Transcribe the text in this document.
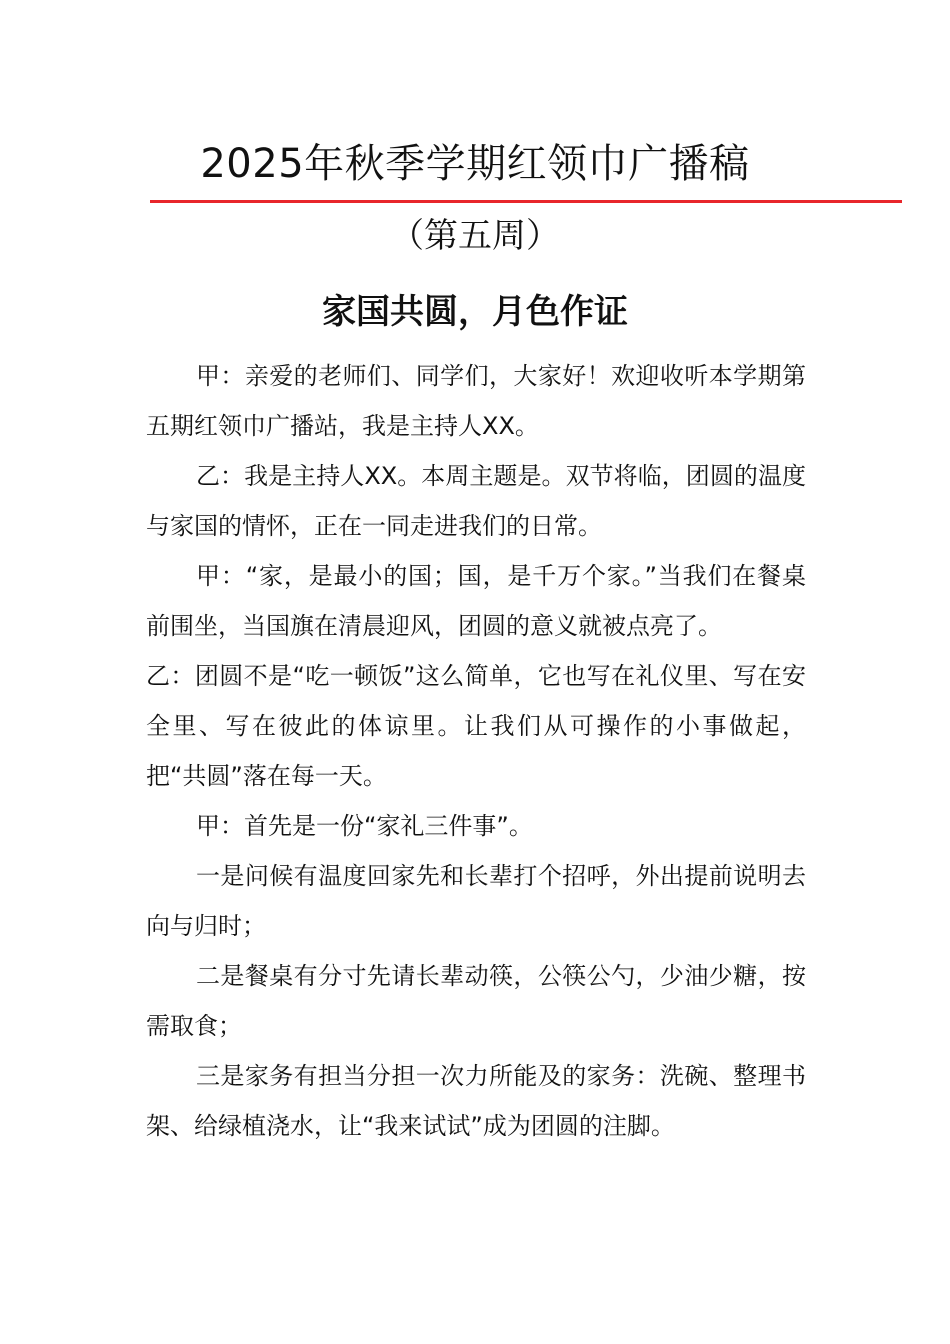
2025年秋季学期红领巾广播稿
（第五周）
家国共圆，月色作证

甲：亲爱的老师们、同学们，大家好！欢迎收听本学期第五期红领巾广播站，我是主持人XX。

乙：我是主持人XX。本周主题是。双节将临，团圆的温度与家国的情怀，正在一同走进我们的日常。

甲：“家，是最小的国；国，是千万个家。”当我们在餐桌前围坐，当国旗在清晨迎风，团圆的意义就被点亮了。

乙：团圆不是“吃一顿饭”这么简单，它也写在礼仪里、写在安全里、写在彼此的体谅里。让我们从可操作的小事做起，把“共圆”落在每一天。

甲：首先是一份“家礼三件事”。

一是问候有温度回家先和长辈打个招呼，外出提前说明去向与归时；

二是餐桌有分寸先请长辈动筷，公筷公勺，少油少糖，按需取食；

三是家务有担当分担一次力所能及的家务：洗碗、整理书架、给绿植浇水，让“我来试试”成为团圆的注脚。
